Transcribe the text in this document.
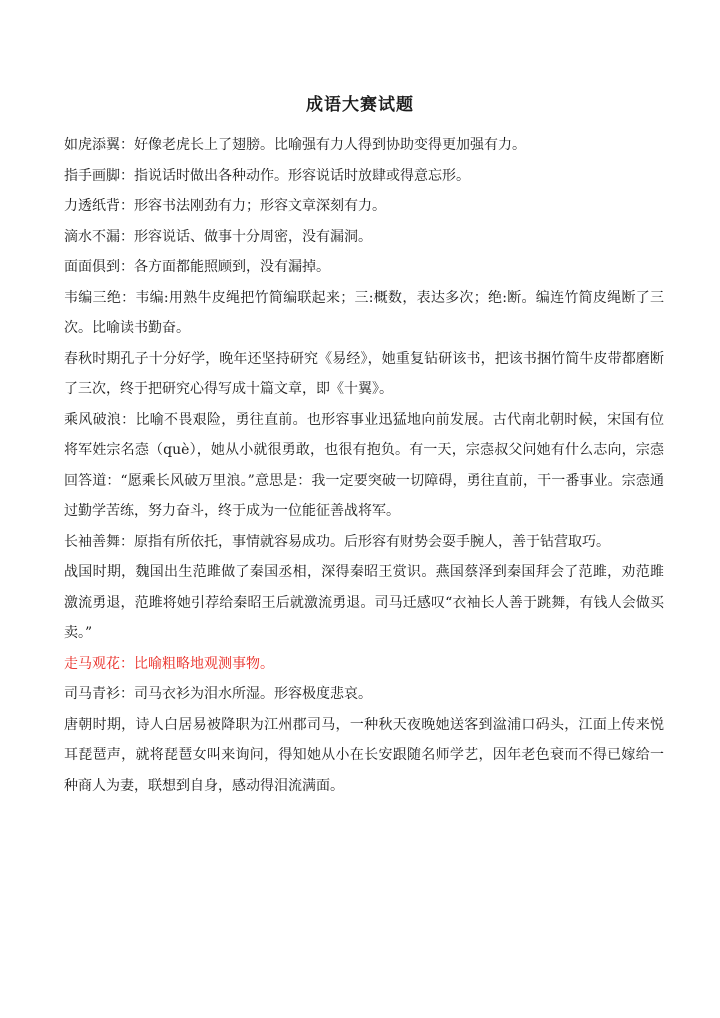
成语大赛试题

如虎添翼：好像老虎长上了翅膀。比喻强有力人得到协助变得更加强有力。

指手画脚：指说话时做出各种动作。形容说话时放肆或得意忘形。

力透纸背：形容书法刚劲有力；形容文章深刻有力。

滴水不漏：形容说话、做事十分周密，没有漏洞。

面面俱到：各方面都能照顾到，没有漏掉。

韦编三绝：韦编:用熟牛皮绳把竹简编联起来；三:概数，表达多次；绝:断。编连竹简皮绳断了三次。比喻读书勤奋。

春秋时期孔子十分好学，晚年还坚持研究《易经》，她重复钻研该书，把该书捆竹简牛皮带都磨断了三次，终于把研究心得写成十篇文章，即《十翼》。

乘风破浪：比喻不畏艰险，勇往直前。也形容事业迅猛地向前发展。古代南北朝时候，宋国有位将军姓宗名悫（què），她从小就很勇敢，也很有抱负。有一天，宗悫叔父问她有什么志向，宗悫回答道：“愿乘长风破万里浪。”意思是：我一定要突破一切障碍，勇往直前，干一番事业。宗悫通过勤学苦练，努力奋斗，终于成为一位能征善战将军。

长袖善舞：原指有所依托，事情就容易成功。后形容有财势会耍手腕人，善于钻营取巧。

战国时期，魏国出生范雎做了秦国丞相，深得秦昭王赏识。燕国蔡泽到秦国拜会了范雎，劝范雎激流勇退，范雎将她引荐给秦昭王后就激流勇退。司马迁感叹“衣袖长人善于跳舞，有钱人会做买卖。”

走马观花：比喻粗略地观测事物。

司马青衫：司马衣衫为泪水所湿。形容极度悲哀。

唐朝时期，诗人白居易被降职为江州郡司马，一种秋天夜晚她送客到湓浦口码头，江面上传来悦耳琵琶声，就将琵琶女叫来询问，得知她从小在长安跟随名师学艺，因年老色衰而不得已嫁给一种商人为妻，联想到自身，感动得泪流满面。
